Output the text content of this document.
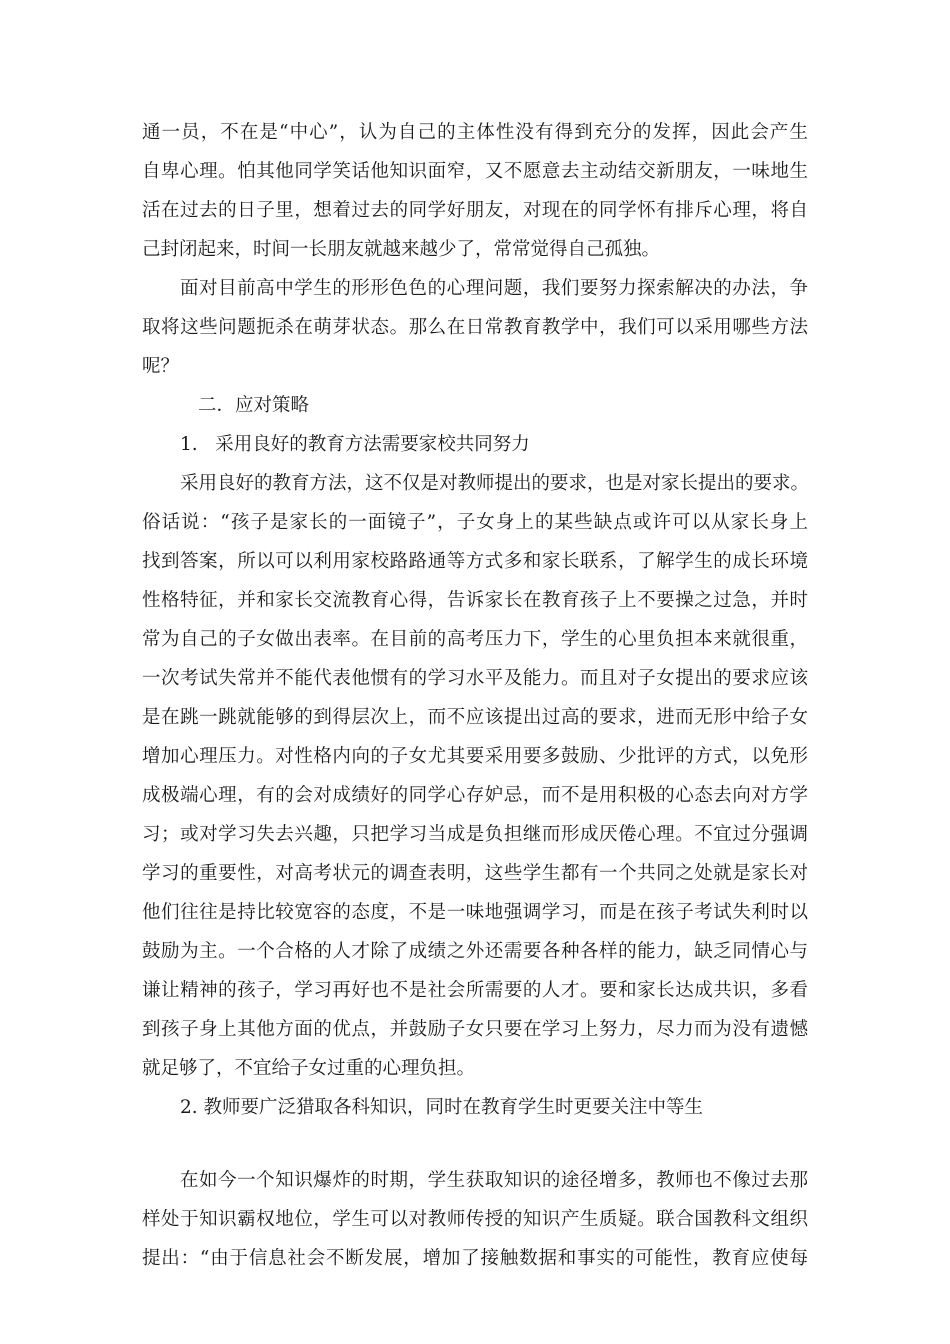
通一员，不在是“中心”，认为自己的主体性没有得到充分的发挥，因此会产生

自卑心理。怕其他同学笑话他知识面窄，又不愿意去主动结交新朋友，一味地生

活在过去的日子里，想着过去的同学好朋友，对现在的同学怀有排斥心理，将自

己封闭起来，时间一长朋友就越来越少了，常常觉得自己孤独。

面对目前高中学生的形形色色的心理问题，我们要努力探索解决的办法，争

取将这些问题扼杀在萌芽状态。那么在日常教育教学中，我们可以采用哪些方法

呢？

二．应对策略

1.   采用良好的教育方法需要家校共同努力

采用良好的教育方法，这不仅是对教师提出的要求，也是对家长提出的要求。

俗话说：“孩子是家长的一面镜子”，子女身上的某些缺点或许可以从家长身上

找到答案，所以可以利用家校路路通等方式多和家长联系，了解学生的成长环境

性格特征，并和家长交流教育心得，告诉家长在教育孩子上不要操之过急，并时

常为自己的子女做出表率。在目前的高考压力下，学生的心里负担本来就很重，

一次考试失常并不能代表他惯有的学习水平及能力。而且对子女提出的要求应该

是在跳一跳就能够的到得层次上，而不应该提出过高的要求，进而无形中给子女

增加心理压力。对性格内向的子女尤其要采用要多鼓励、少批评的方式，以免形

成极端心理，有的会对成绩好的同学心存妒忌，而不是用积极的心态去向对方学

习；或对学习失去兴趣，只把学习当成是负担继而形成厌倦心理。不宜过分强调

学习的重要性，对高考状元的调查表明，这些学生都有一个共同之处就是家长对

他们往往是持比较宽容的态度，不是一味地强调学习，而是在孩子考试失利时以

鼓励为主。一个合格的人才除了成绩之外还需要各种各样的能力，缺乏同情心与

谦让精神的孩子，学习再好也不是社会所需要的人才。要和家长达成共识，多看

到孩子身上其他方面的优点，并鼓励子女只要在学习上努力，尽力而为没有遗憾

就足够了，不宜给子女过重的心理负担。

2. 教师要广泛猎取各科知识，同时在教育学生时更要关注中等生

在如今一个知识爆炸的时期，学生获取知识的途径增多，教师也不像过去那

样处于知识霸权地位，学生可以对教师传授的知识产生质疑。联合国教科文组织

提出：“由于信息社会不断发展，增加了接触数据和事实的可能性，教育应使每
